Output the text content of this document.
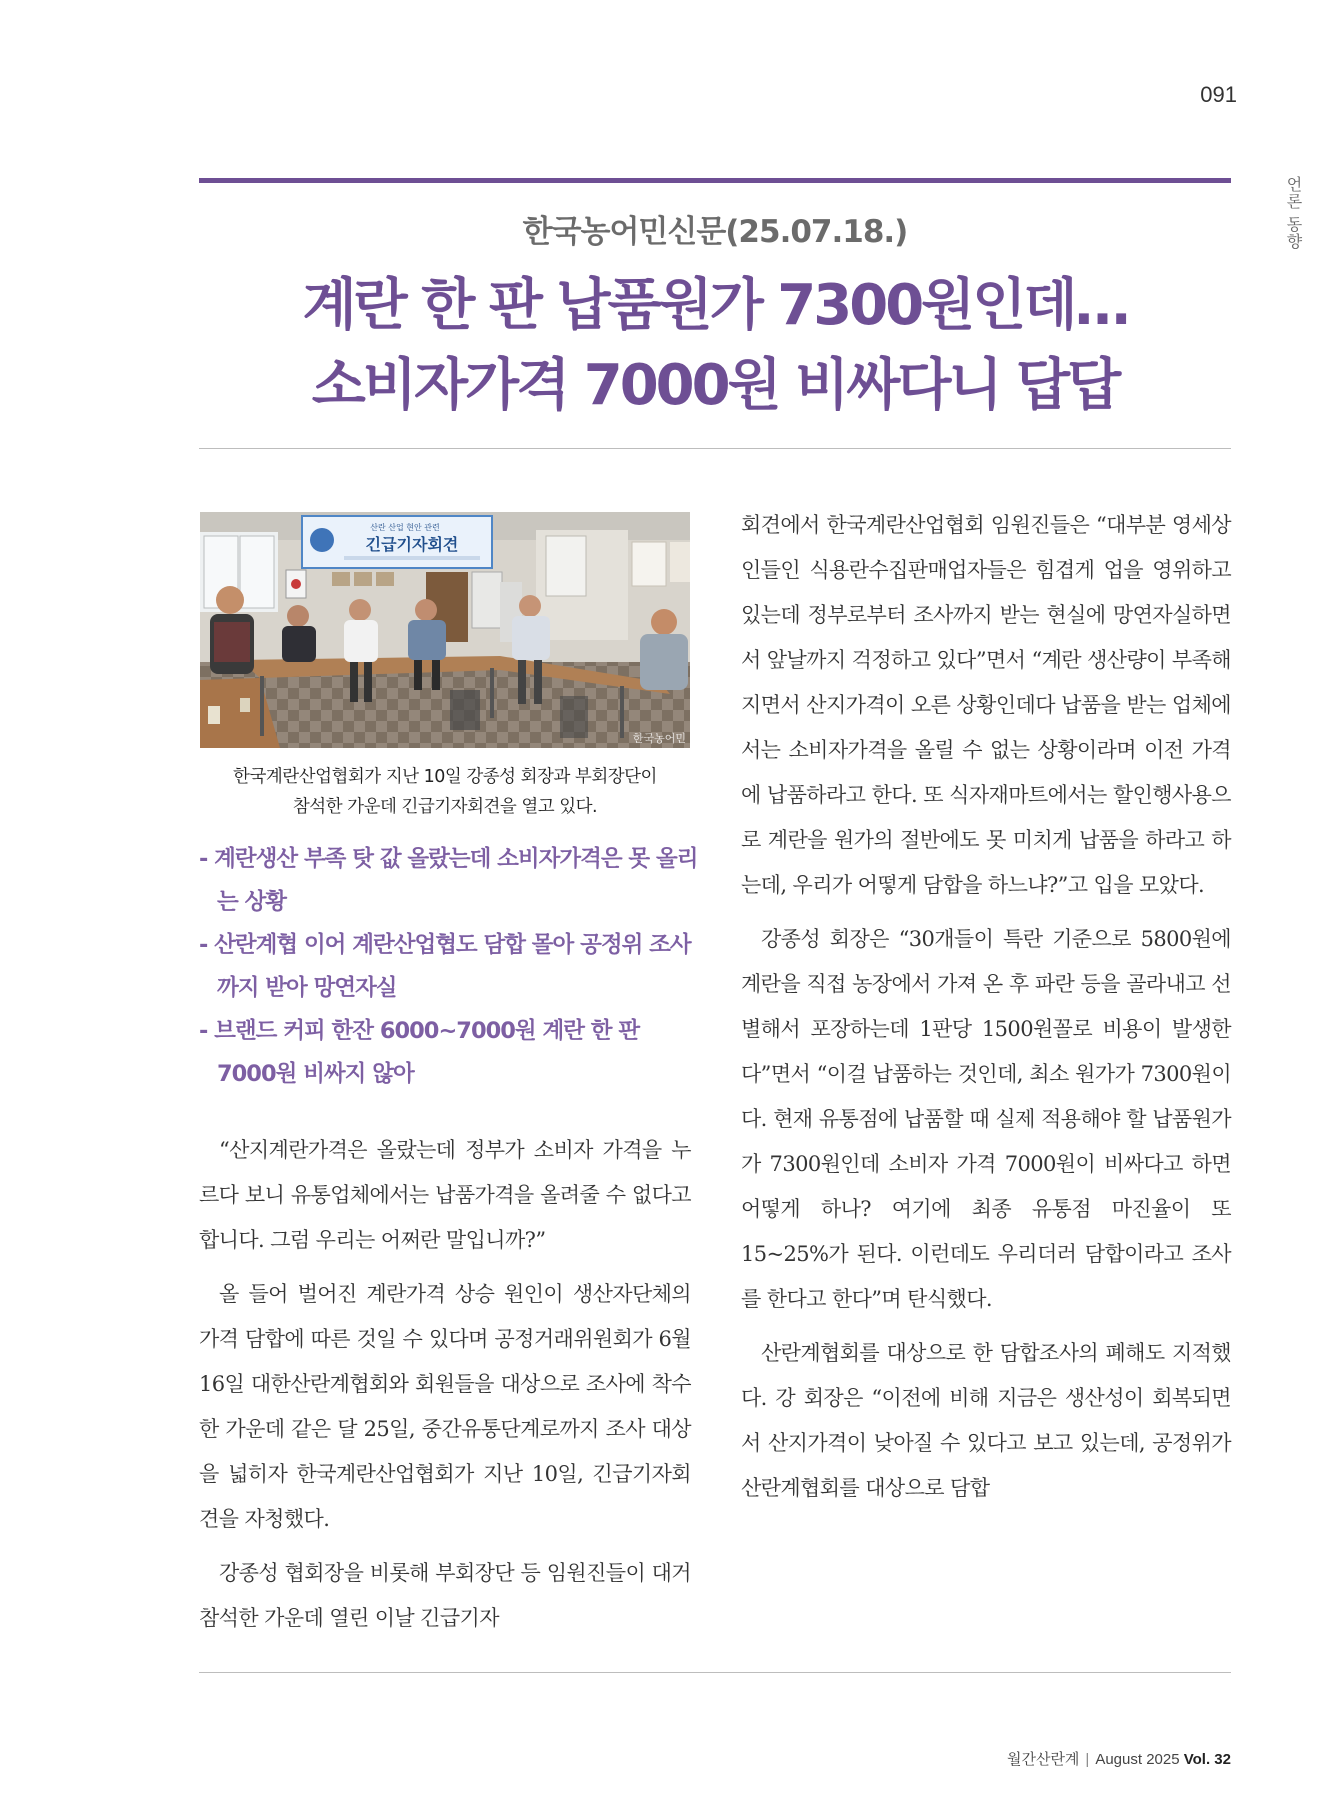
091
언론 동향
한국농어민신문(25.07.18.)
계란 한 판 납품원가 7300원인데…
소비자가격 7000원 비싸다니 답답
산란 산업 현안 관련
긴급기자회견
한국농어민
한국계란산업협회가 지난 10일 강종성 회장과 부회장단이
참석한 가운데 긴급기자회견을 열고 있다.
- 계란생산 부족 탓 값 올랐는데 소비자가격은 못 올리는 상황
- 산란계협 이어 계란산업협도 담합 몰아 공정위 조사까지 받아 망연자실
- 브랜드 커피 한잔 6000~7000원 계란 한 판 7000원 비싸지 않아

“산지계란가격은 올랐는데 정부가 소비자 가격을 누르다 보니 유통업체에서는 납품가격을 올려줄 수 없다고 합니다. 그럼 우리는 어쩌란 말입니까?”

올 들어 벌어진 계란가격 상승 원인이 생산자단체의 가격 담합에 따른 것일 수 있다며 공정거래위원회가 6월 16일 대한산란계협회와 회원들을 대상으로 조사에 착수한 가운데 같은 달 25일, 중간유통단계로까지 조사 대상을 넓히자 한국계란산업협회가 지난 10일, 긴급기자회견을 자청했다.

강종성 협회장을 비롯해 부회장단 등 임원진들이 대거 참석한 가운데 열린 이날 긴급기자

회견에서 한국계란산업협회 임원진들은 “대부분 영세상인들인 식용란수집판매업자들은 힘겹게 업을 영위하고 있는데 정부로부터 조사까지 받는 현실에 망연자실하면서 앞날까지 걱정하고 있다”면서 “계란 생산량이 부족해지면서 산지가격이 오른 상황인데다 납품을 받는 업체에서는 소비자가격을 올릴 수 없는 상황이라며 이전 가격에 납품하라고 한다. 또 식자재마트에서는 할인행사용으로 계란을 원가의 절반에도 못 미치게 납품을 하라고 하는데, 우리가 어떻게 담합을 하느냐?”고 입을 모았다.

강종성 회장은 “30개들이 특란 기준으로 5800원에 계란을 직접 농장에서 가져 온 후 파란 등을 골라내고 선별해서 포장하는데 1판당 1500원꼴로 비용이 발생한다”면서 “이걸 납품하는 것인데, 최소 원가가 7300원이다. 현재 유통점에 납품할 때 실제 적용해야 할 납품원가가 7300원인데 소비자 가격 7000원이 비싸다고 하면 어떻게 하나? 여기에 최종 유통점 마진율이 또 15~25%가 된다. 이런데도 우리더러 담합이라고 조사를 한다고 한다”며 탄식했다.

산란계협회를 대상으로 한 담합조사의 폐해도 지적했다. 강 회장은 “이전에 비해 지금은 생산성이 회복되면서 산지가격이 낮아질 수 있다고 보고 있는데, 공정위가 산란계협회를 대상으로 담합

월간산란계 | August 2025 Vol. 32
